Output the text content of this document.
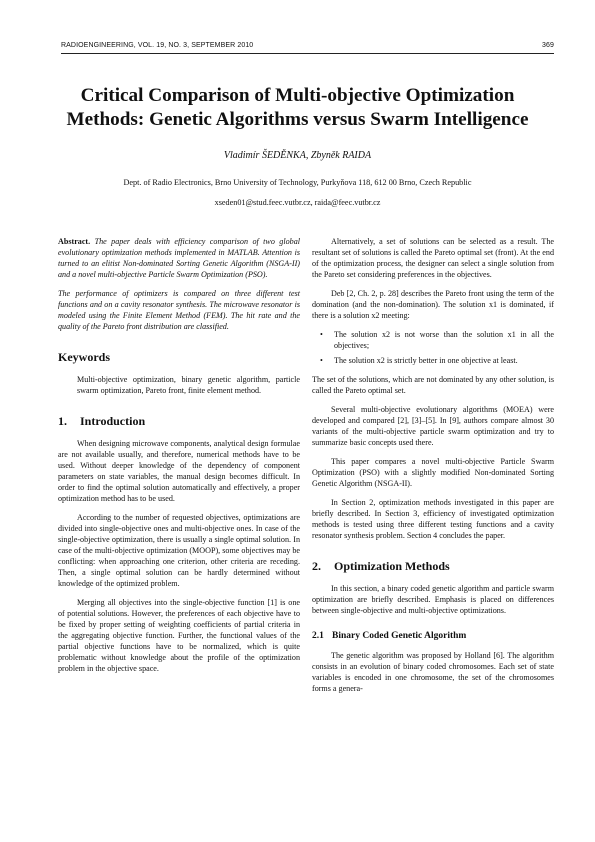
RADIOENGINEERING, VOL. 19, NO. 3, SEPTEMBER 2010	369
Critical Comparison of Multi-objective Optimization
Methods: Genetic Algorithms versus Swarm Intelligence
Vladimír ŠEDĚNKA, Zbyněk RAIDA
Dept. of Radio Electronics, Brno University of Technology, Purkyňova 118, 612 00 Brno, Czech Republic
xseden01@stud.feec.vutbr.cz, raida@feec.vutbr.cz

Abstract. The paper deals with efficiency comparison of two global evolutionary optimization methods implemented in MATLAB. Attention is turned to an elitist Non-dominated Sorting Genetic Algorithm (NSGA-II) and a novel multi-objective Particle Swarm Optimization (PSO).

The performance of optimizers is compared on three different test functions and on a cavity resonator synthesis. The microwave resonator is modeled using the Finite Element Method (FEM). The hit rate and the quality of the Pareto front distribution are classified.

Keywords

Multi-objective optimization, binary genetic algorithm, particle swarm optimization, Pareto front, finite element method.

1. Introduction

When designing microwave components, analytical design formulae are not available usually, and therefore, numerical methods have to be used. Without deeper knowledge of the dependency of component parameters on state variables, the manual design becomes difficult. In order to find the optimal solution automatically and effectively, a proper optimization method has to be used.

According to the number of requested objectives, optimizations are divided into single-objective ones and multi-objective ones. In case of the single-objective optimization, there is usually a single optimal solution. In case of the multi-objective optimization (MOOP), some objectives may be conflicting: when approaching one criterion, other criteria are receding. Then, a single optimal solution can be hardly determined without knowledge of the optimized problem.

Merging all objectives into the single-objective function [1] is one of potential solutions. However, the preferences of each objective have to be fixed by proper setting of weighting coefficients of partial criteria in the aggregating objective function. Further, the functional values of the partial objective functions have to be normalized, which is quite problematic without knowledge about the profile of the optimization problem in the objective space.

Alternatively, a set of solutions can be selected as a result. The resultant set of solutions is called the Pareto optimal set (front). At the end of the optimization process, the designer can select a single solution from the Pareto set considering preferences in the objectives.

Deb [2, Ch. 2, p. 28] describes the Pareto front using the term of the domination (and the non-domination). The solution x1 is dominated, if there is a solution x2 meeting:

• The solution x2 is not worse than the solution x1 in all the objectives;
• The solution x2 is strictly better in one objective at least.

The set of the solutions, which are not dominated by any other solution, is called the Pareto optimal set.

Several multi-objective evolutionary algorithms (MOEA) were developed and compared [2], [3]–[5]. In [9], authors compare almost 30 variants of the multi-objective particle swarm optimization and try to summarize basic concepts used there.

This paper compares a novel multi-objective Particle Swarm Optimization (PSO) with a slightly modified Non-dominated Sorting Genetic Algorithm (NSGA-II).

In Section 2, optimization methods investigated in this paper are briefly described. In Section 3, efficiency of investigated optimization methods is tested using three different testing functions and a cavity resonator synthesis problem. Section 4 concludes the paper.

2. Optimization Methods

In this section, a binary coded genetic algorithm and particle swarm optimization are briefly described. Emphasis is placed on differences between single-objective and multi-objective optimizations.

2.1 Binary Coded Genetic Algorithm

The genetic algorithm was proposed by Holland [6]. The algorithm consists in an evolution of binary coded chromosomes. Each set of state variables is encoded in one chromosome, the set of the chromosomes forms a genera-
